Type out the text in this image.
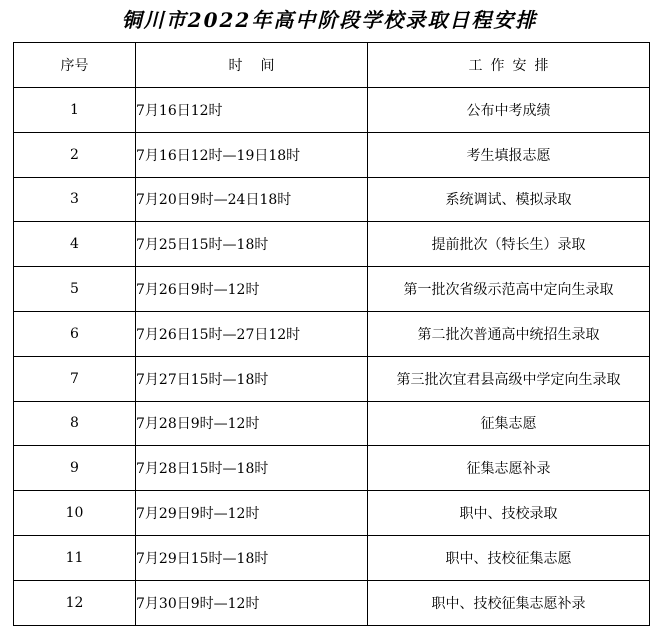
铜川市2022年高中阶段学校录取日程安排
序号	时间	工作安排
1	7月16日12时	公布中考成绩
2	7月16日12时—19日18时	考生填报志愿
3	7月20日9时—24日18时	系统调试、模拟录取
4	7月25日15时—18时	提前批次（特长生）录取
5	7月26日9时—12时	第一批次省级示范高中定向生录取
6	7月26日15时—27日12时	第二批次普通高中统招生录取
7	7月27日15时—18时	第三批次宜君县高级中学定向生录取
8	7月28日9时—12时	征集志愿
9	7月28日15时—18时	征集志愿补录
10	7月29日9时—12时	职中、技校录取
11	7月29日15时—18时	职中、技校征集志愿
12	7月30日9时—12时	职中、技校征集志愿补录
